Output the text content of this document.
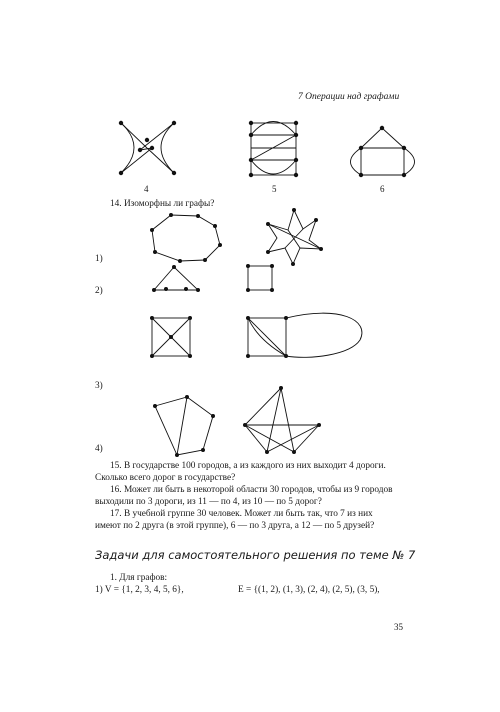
7 Операции над графами
4	5	6
14. Изоморфны ли графы?
1)
2)
3)
4)
15. В государстве 100 городов, а из каждого из них выходит 4 дороги.
Сколько всего дорог в государстве?
16. Может ли быть в некоторой области 30 городов, чтобы из 9 городов
выходили по 3 дороги, из 11 — по 4, из 10 — по 5 дорог?
17. В учебной группе 30 человек. Может ли быть так, что 7 из них
имеют по 2 друга (в этой группе), 6 — по 3 друга, а 12 — по 5 друзей?
Задачи для самостоятельного решения по теме № 7
1. Для графов:
1) V = {1, 2, 3, 4, 5, 6},	E = {(1, 2), (1, 3), (2, 4), (2, 5), (3, 5),
35
